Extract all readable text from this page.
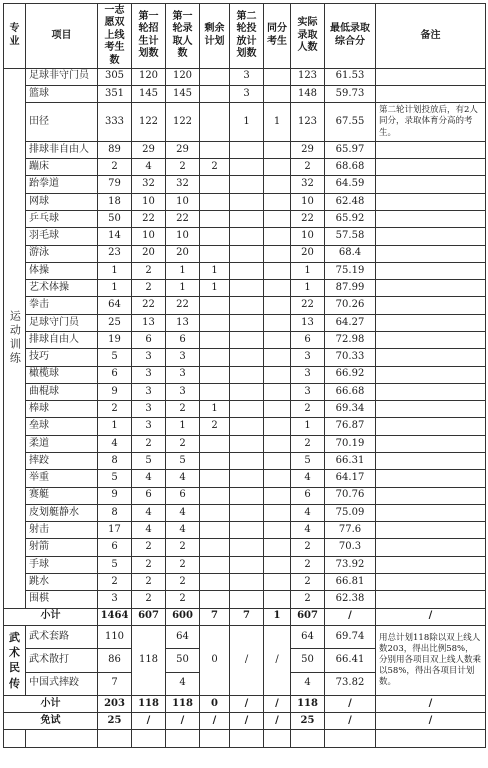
专业	项目	一志愿双上线考生数	第一轮招生计划数	第一轮录取人数	剩余计划	第二轮投放计划数	同分考生	实际录取人数	最低录取综合分	备注
运动训练	足球非守门员	305	120	120		3		123	61.53	
	篮球	351	145	145		3		148	59.73	
	田径	333	122	122		1	1	123	67.55	第二轮计划投放后，有2人同分，录取体育分高的考生。
	排球非自由人	89	29	29				29	65.97	
	蹦床	2	4	2	2			2	68.68	
	跆拳道	79	32	32				32	64.59	
	网球	18	10	10				10	62.48	
	乒乓球	50	22	22				22	65.92	
	羽毛球	14	10	10				10	57.58	
	游泳	23	20	20				20	68.4	
	体操	1	2	1	1			1	75.19	
	艺术体操	1	2	1	1			1	87.99	
	拳击	64	22	22				22	70.26	
	足球守门员	25	13	13				13	64.27	
	排球自由人	19	6	6				6	72.98	
	技巧	5	3	3				3	70.33	
	橄榄球	6	3	3				3	66.92	
	曲棍球	9	3	3				3	66.68	
	棒球	2	3	2	1			2	69.34	
	垒球	1	3	1	2			1	76.87	
	柔道	4	2	2				2	70.19	
	摔跤	8	5	5				5	66.31	
	举重	5	4	4				4	64.17	
	赛艇	9	6	6				6	70.76	
	皮划艇静水	8	4	4				4	75.09	
	射击	17	4	4				4	77.6	
	射箭	6	2	2				2	70.3	
	手球	5	2	2				2	73.92	
	跳水	2	2	2				2	66.81	
	围棋	3	2	2				2	62.38	
小计		1464	607	600	7	7	1	607	/	/
武术民传	武术套路	110	118	64	0	/	/	64	69.74	用总计划118除以双上线人数203，得出比例58%，分别用各项目双上线人数乘以58%，得出各项目计划数。
	武术散打	86		50				50	66.41	
	中国式摔跤	7		4				4	73.82	
小计		203	118	118	0	/	/	118	/	/
免试		25	/	/	/	/	/	25	/	/
